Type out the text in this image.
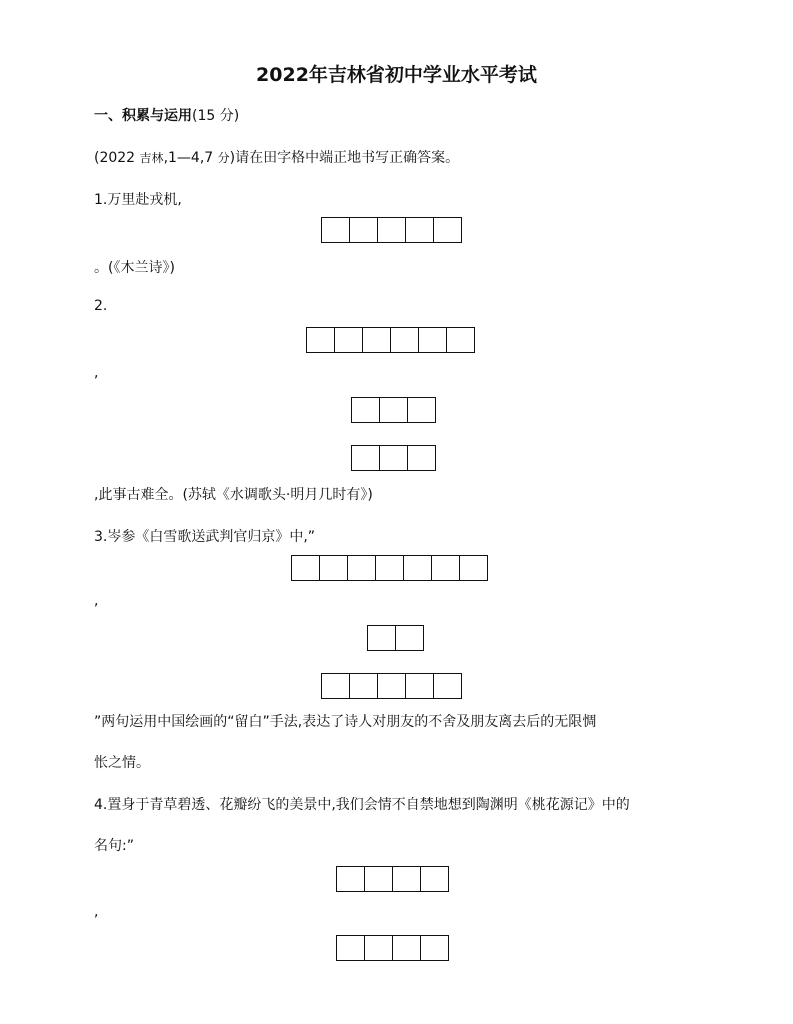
2022年吉林省初中学业水平考试
一、积累与运用(15 分)
(2022 吉林,1—4,7 分)请在田字格中端正地书写正确答案。
1.万里赴戎机,
。(《木兰诗》)
2.
,
,此事古难全。(苏轼《水调歌头·明月几时有》)
3.岑参《白雪歌送武判官归京》中,”
,
”两句运用中国绘画的“留白”手法,表达了诗人对朋友的不舍及朋友离去后的无限惆
怅之情。
4.置身于青草碧透、花瓣纷飞的美景中,我们会情不自禁地想到陶渊明《桃花源记》中的
名句:”
,
